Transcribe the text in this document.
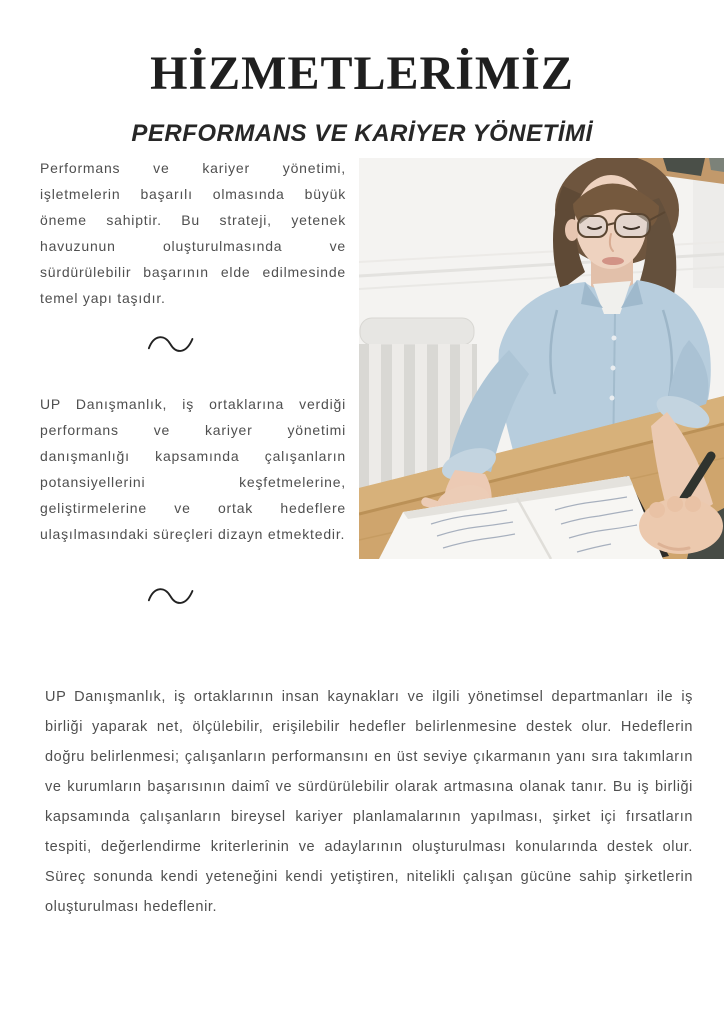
HİZMETLERİMİZ
PERFORMANS VE KARİYER YÖNETİMİ

Performans ve kariyer yönetimi, işletmelerin başarılı olmasında büyük öneme sahiptir. Bu strateji, yetenek havuzunun oluşturulmasında ve sürdürülebilir başarının elde edilmesinde temel yapı taşıdır.

UP Danışmanlık, iş ortaklarına verdiği performans ve kariyer yönetimi danışmanlığı kapsamında çalışanların potansiyellerini keşfetmelerine, geliştirmelerine ve ortak hedeflere ulaşılmasındaki süreçleri dizayn etmektedir.

UP Danışmanlık, iş ortaklarının insan kaynakları ve ilgili yönetimsel departmanları ile iş birliği yaparak net, ölçülebilir, erişilebilir hedefler belirlenmesine destek olur. Hedeflerin doğru belirlenmesi; çalışanların performansını en üst seviye çıkarmanın yanı sıra takımların ve kurumların başarısının daimî ve sürdürülebilir olarak artmasına olanak tanır. Bu iş birliği kapsamında çalışanların bireysel kariyer planlamalarının yapılması, şirket içi fırsatların tespiti, değerlendirme kriterlerinin ve adaylarının oluşturulması konularında destek olur. Süreç sonunda kendi yeteneğini kendi yetiştiren, nitelikli çalışan gücüne sahip şirketlerin oluşturulması hedeflenir.
